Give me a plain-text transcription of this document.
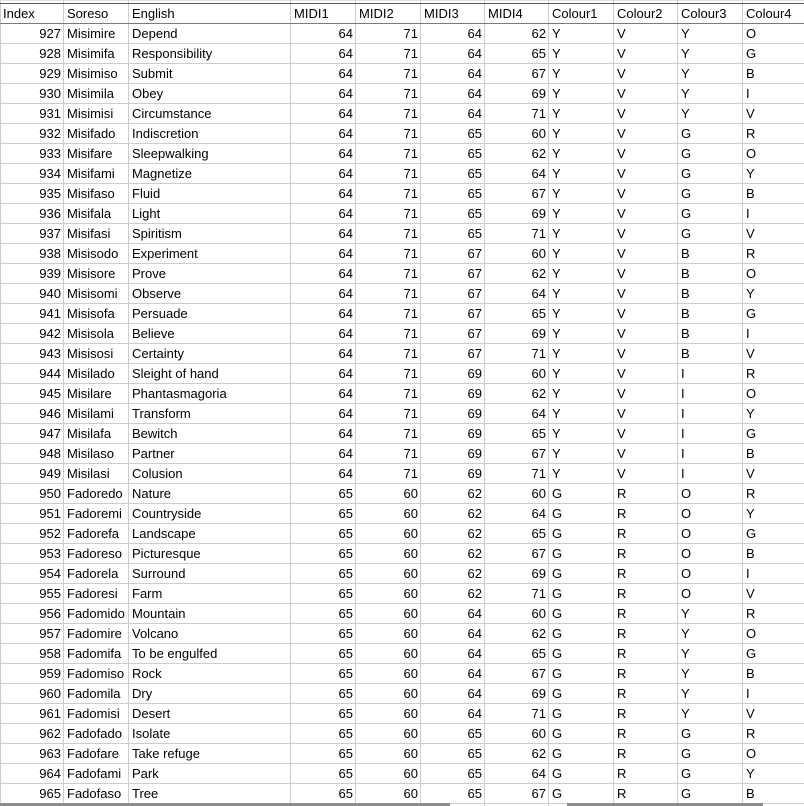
Index	Soreso	English	MIDI1	MIDI2	MIDI3	MIDI4	Colour1	Colour2	Colour3	Colour4
927	Misimire	Depend	64	71	64	62	Y	V	Y	O
928	Misimifa	Responsibility	64	71	64	65	Y	V	Y	G
929	Misimiso	Submit	64	71	64	67	Y	V	Y	B
930	Misimila	Obey	64	71	64	69	Y	V	Y	I
931	Misimisi	Circumstance	64	71	64	71	Y	V	Y	V
932	Misifado	Indiscretion	64	71	65	60	Y	V	G	R
933	Misifare	Sleepwalking	64	71	65	62	Y	V	G	O
934	Misifami	Magnetize	64	71	65	64	Y	V	G	Y
935	Misifaso	Fluid	64	71	65	67	Y	V	G	B
936	Misifala	Light	64	71	65	69	Y	V	G	I
937	Misifasi	Spiritism	64	71	65	71	Y	V	G	V
938	Misisodo	Experiment	64	71	67	60	Y	V	B	R
939	Misisore	Prove	64	71	67	62	Y	V	B	O
940	Misisomi	Observe	64	71	67	64	Y	V	B	Y
941	Misisofa	Persuade	64	71	67	65	Y	V	B	G
942	Misisola	Believe	64	71	67	69	Y	V	B	I
943	Misisosi	Certainty	64	71	67	71	Y	V	B	V
944	Misilado	Sleight of hand	64	71	69	60	Y	V	I	R
945	Misilare	Phantasmagoria	64	71	69	62	Y	V	I	O
946	Misilami	Transform	64	71	69	64	Y	V	I	Y
947	Misilafa	Bewitch	64	71	69	65	Y	V	I	G
948	Misilaso	Partner	64	71	69	67	Y	V	I	B
949	Misilasi	Colusion	64	71	69	71	Y	V	I	V
950	Fadoredo	Nature	65	60	62	60	G	R	O	R
951	Fadoremi	Countryside	65	60	62	64	G	R	O	Y
952	Fadorefa	Landscape	65	60	62	65	G	R	O	G
953	Fadoreso	Picturesque	65	60	62	67	G	R	O	B
954	Fadorela	Surround	65	60	62	69	G	R	O	I
955	Fadoresi	Farm	65	60	62	71	G	R	O	V
956	Fadomido	Mountain	65	60	64	60	G	R	Y	R
957	Fadomire	Volcano	65	60	64	62	G	R	Y	O
958	Fadomifa	To be engulfed	65	60	64	65	G	R	Y	G
959	Fadomiso	Rock	65	60	64	67	G	R	Y	B
960	Fadomila	Dry	65	60	64	69	G	R	Y	I
961	Fadomisi	Desert	65	60	64	71	G	R	Y	V
962	Fadofado	Isolate	65	60	65	60	G	R	G	R
963	Fadofare	Take refuge	65	60	65	62	G	R	G	O
964	Fadofami	Park	65	60	65	64	G	R	G	Y
965	Fadofaso	Tree	65	60	65	67	G	R	G	B
